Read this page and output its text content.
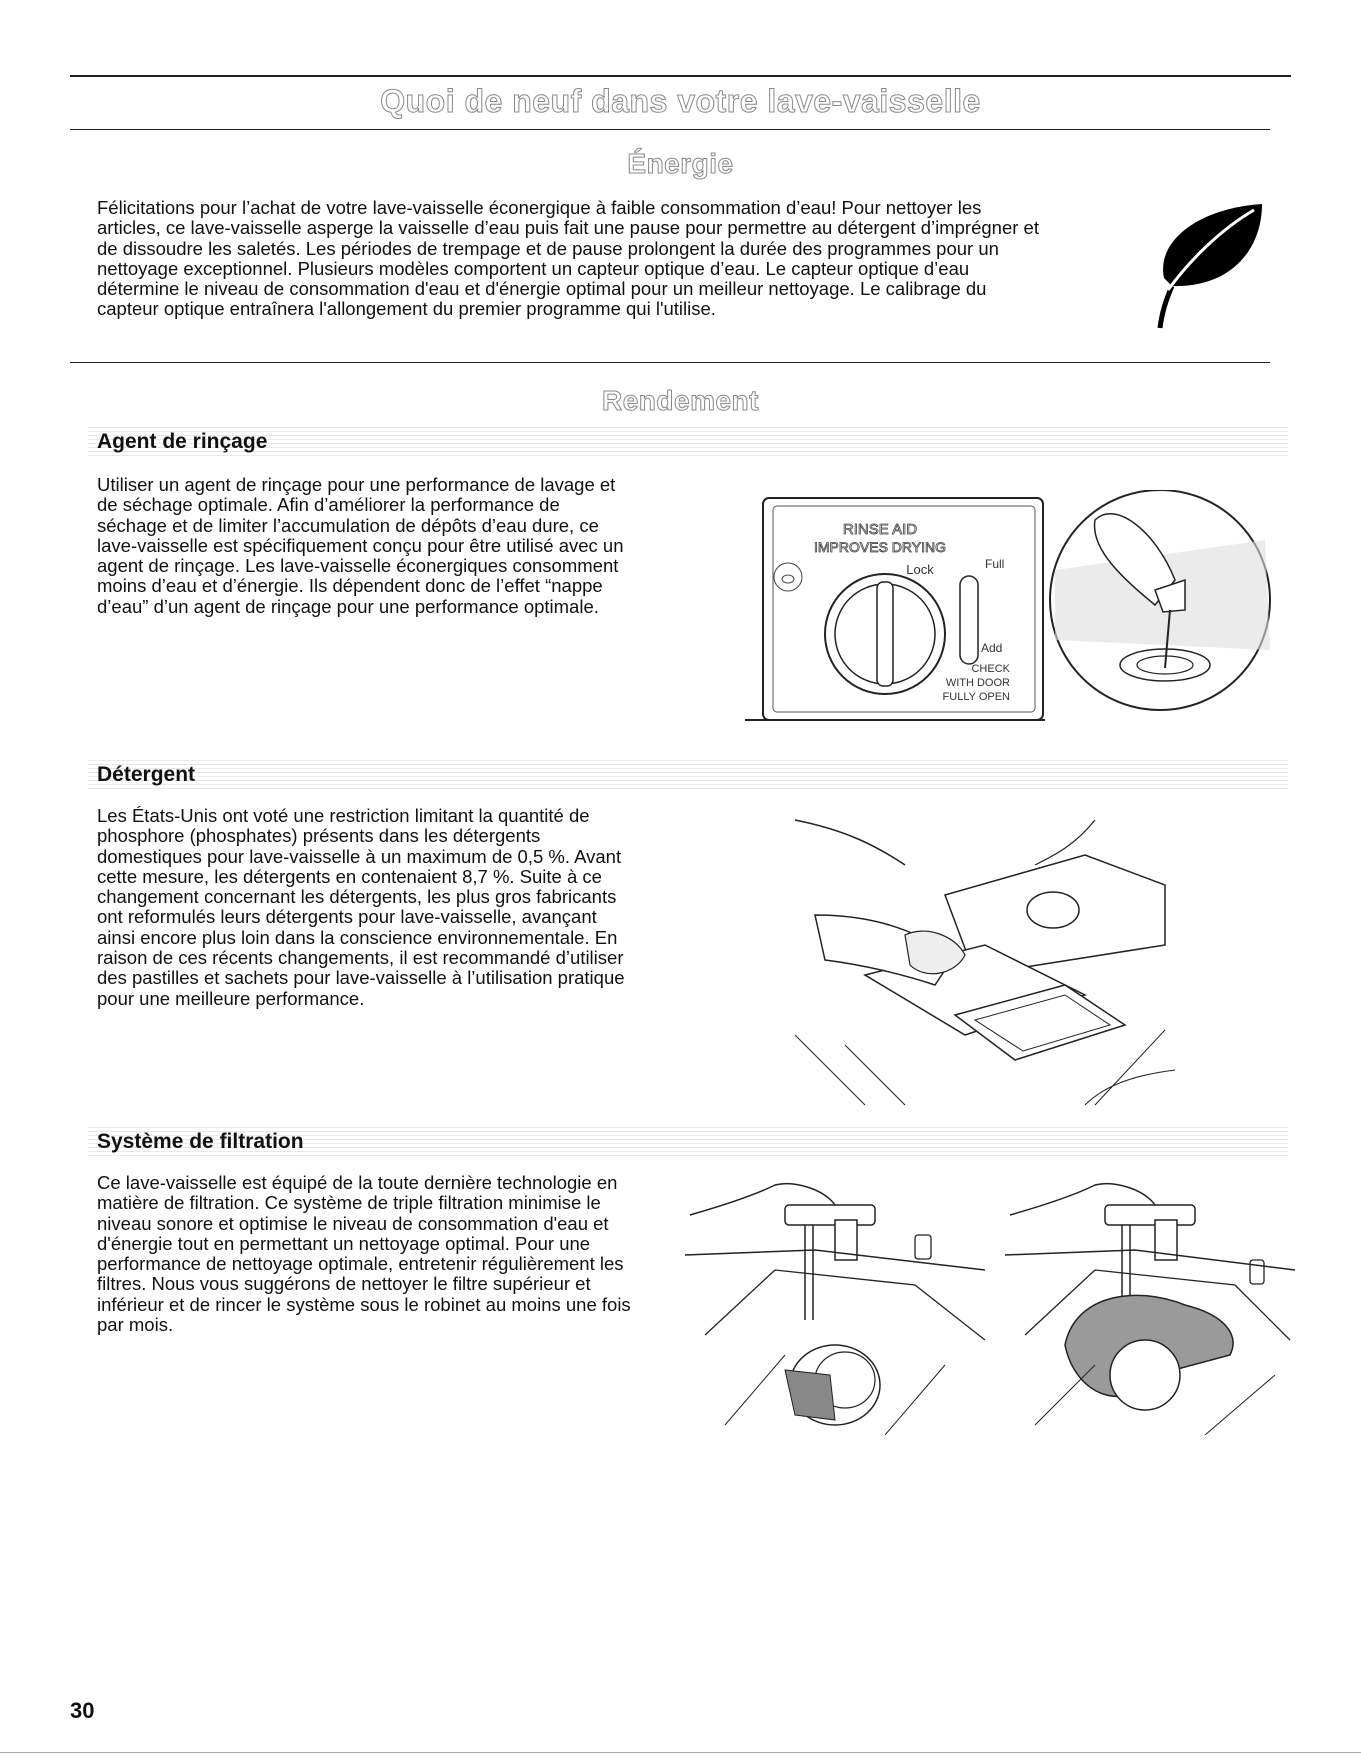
Quoi de neuf dans votre lave-vaisselle
Énergie
Félicitations pour l’achat de votre lave-vaisselle éconergique à faible consommation d’eau! Pour nettoyer les
articles, ce lave-vaisselle asperge la vaisselle d’eau puis fait une pause pour permettre au détergent d’imprégner et
de dissoudre les saletés. Les périodes de trempage et de pause prolongent la durée des programmes pour un
nettoyage exceptionnel. Plusieurs modèles comportent un capteur optique d’eau. Le capteur optique d’eau
détermine le niveau de consommation d'eau et d'énergie optimal pour un meilleur nettoyage. Le calibrage du
capteur optique entraînera l'allongement du premier programme qui l'utilise.
Rendement
Agent de rinçage
Utiliser un agent de rinçage pour une performance de lavage et
de séchage optimale. Afin d’améliorer la performance de
séchage et de limiter l’accumulation de dépôts d’eau dure, ce
lave-vaisselle est spécifiquement conçu pour être utilisé avec un
agent de rinçage. Les lave-vaisselle éconergiques consomment
moins d’eau et d’énergie. Ils dépendent donc de l’effet “nappe
d’eau” d’un agent de rinçage pour une performance optimale.
RINSE AID
IMPROVES DRYING
Lock	Full
Add
CHECK
WITH DOOR
FULLY OPEN
Détergent
Les États-Unis ont voté une restriction limitant la quantité de
phosphore (phosphates) présents dans les détergents
domestiques pour lave-vaisselle à un maximum de 0,5 %. Avant
cette mesure, les détergents en contenaient 8,7 %. Suite à ce
changement concernant les détergents, les plus gros fabricants
ont reformulés leurs détergents pour lave-vaisselle, avançant
ainsi encore plus loin dans la conscience environnementale. En
raison de ces récents changements, il est recommandé d’utiliser
des pastilles et sachets pour lave-vaisselle à l’utilisation pratique
pour une meilleure performance.
Système de filtration
Ce lave-vaisselle est équipé de la toute dernière technologie en
matière de filtration. Ce système de triple filtration minimise le
niveau sonore et optimise le niveau de consommation d'eau et
d'énergie tout en permettant un nettoyage optimal. Pour une
performance de nettoyage optimale, entretenir régulièrement les
filtres. Nous vous suggérons de nettoyer le filtre supérieur et
inférieur et de rincer le système sous le robinet au moins une fois
par mois.
30
